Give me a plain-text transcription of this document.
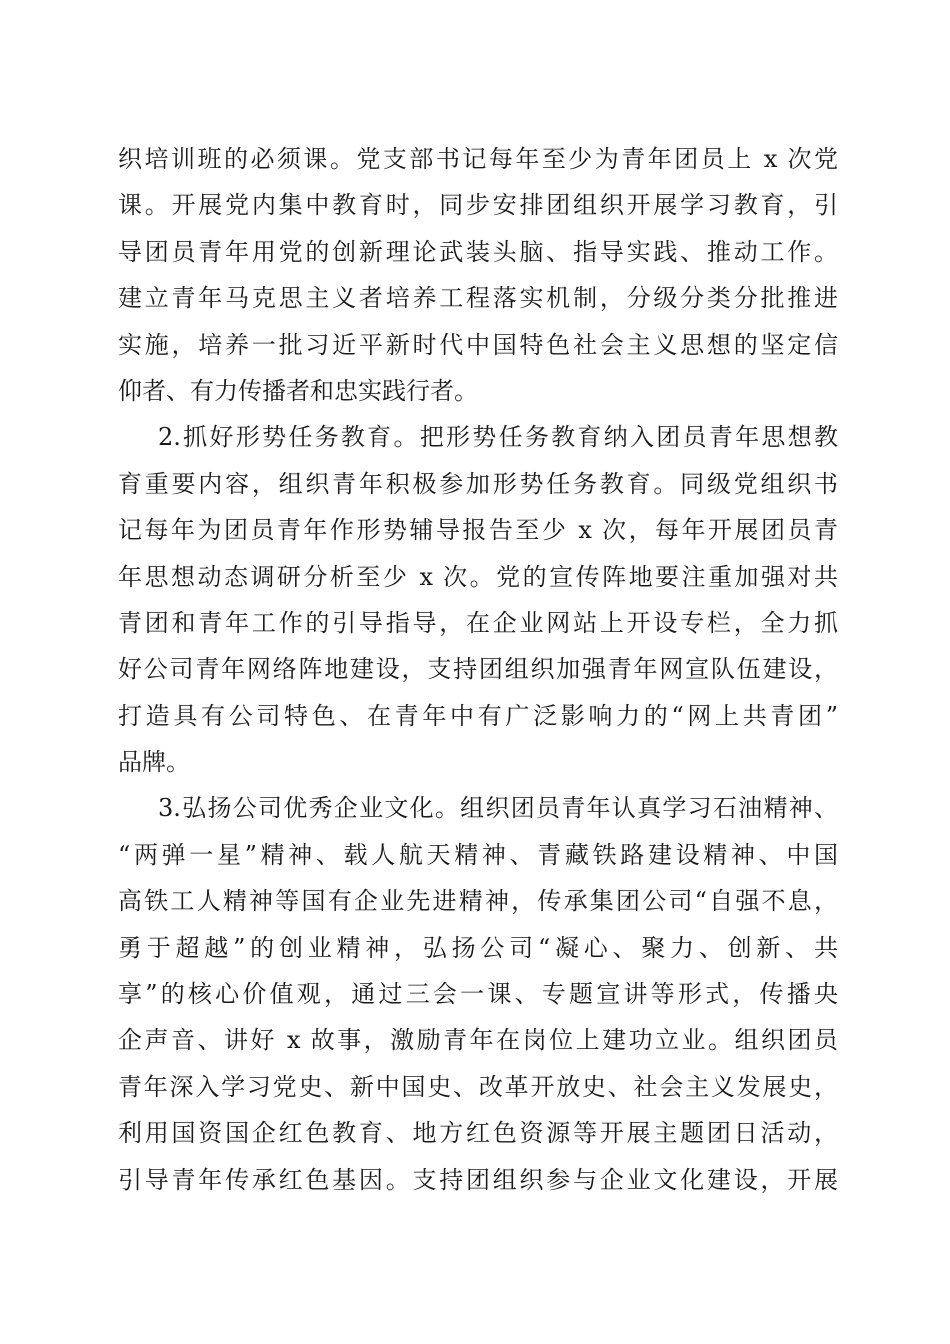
织培训班的必须课。党支部书记每年至少为青年团员上 x 次党
课。开展党内集中教育时，同步安排团组织开展学习教育，引
导团员青年用党的创新理论武装头脑、指导实践、推动工作。
建立青年马克思主义者培养工程落实机制，分级分类分批推进
实施，培养一批习近平新时代中国特色社会主义思想的坚定信
仰者、有力传播者和忠实践行者。
2.抓好形势任务教育。把形势任务教育纳入团员青年思想教
育重要内容，组织青年积极参加形势任务教育。同级党组织书
记每年为团员青年作形势辅导报告至少 x 次，每年开展团员青
年思想动态调研分析至少 x 次。党的宣传阵地要注重加强对共
青团和青年工作的引导指导，在企业网站上开设专栏，全力抓
好公司青年网络阵地建设，支持团组织加强青年网宣队伍建设，
打造具有公司特色、在青年中有广泛影响力的“网上共青团”
品牌。
3.弘扬公司优秀企业文化。组织团员青年认真学习石油精神、
“两弹一星”精神、载人航天精神、青藏铁路建设精神、中国
高铁工人精神等国有企业先进精神，传承集团公司“自强不息，
勇于超越”的创业精神，弘扬公司“凝心、聚力、创新、共
享”的核心价值观，通过三会一课、专题宣讲等形式，传播央
企声音、讲好 x 故事，激励青年在岗位上建功立业。组织团员
青年深入学习党史、新中国史、改革开放史、社会主义发展史，
利用国资国企红色教育、地方红色资源等开展主题团日活动，
引导青年传承红色基因。支持团组织参与企业文化建设，开展
